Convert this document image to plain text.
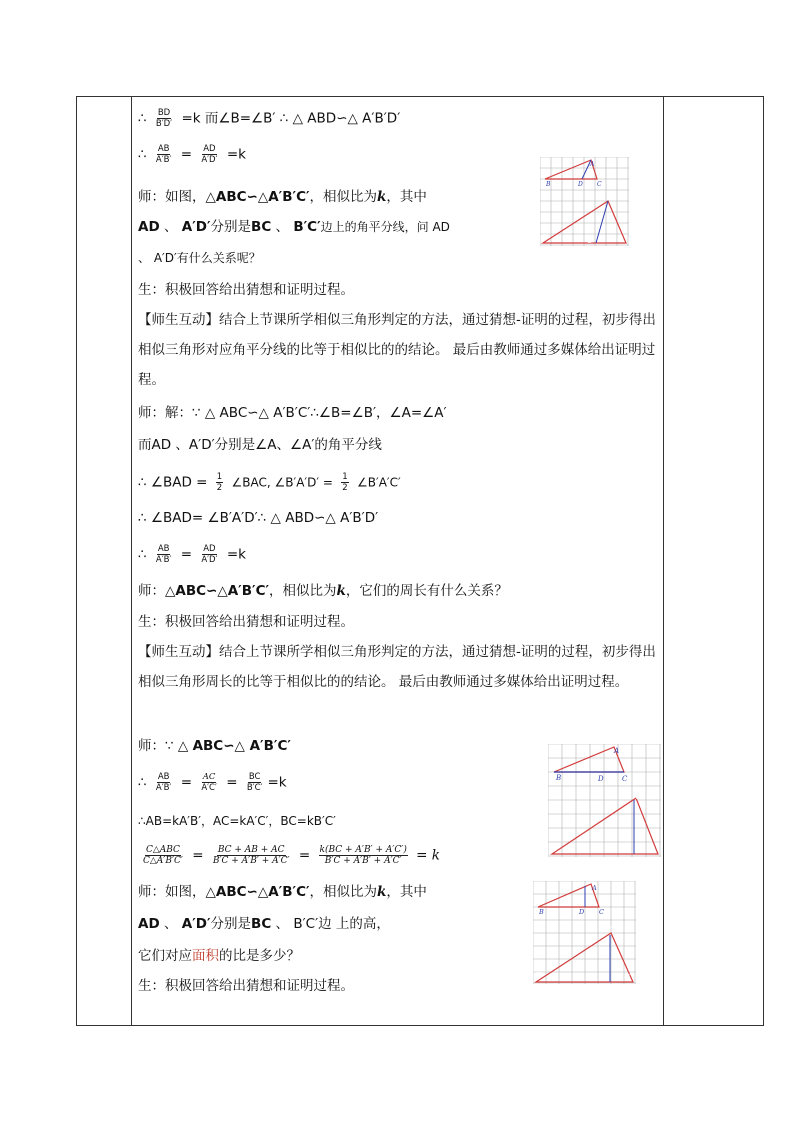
∴ $\frac{BD}{B'D'} =k$ 而∠B=∠B′ ∴ △ ABD∽△ A′B′D′
∴ $\frac{AB}{A'B'} = \frac{AD}{A'D'} =k$
师：如图，△ABC∽△A′B′C′，相似比为k，其中
AD 、 A′D′分别是BC 、 B′C′边上的角平分线，问 AD
、 A′D′有什么关系呢？
生：积极回答给出猜想和证明过程。
【师生互动】结合上节课所学相似三角形判定的方法，通过猜想-证明的过程，初步得出相似三角形对应角平分线的比等于相似比的的结论。 最后由教师通过多媒体给出证明过程。
师：解：∵ △ ABC∽△ A′B′C′∴∠B=∠B′，∠A=∠A′
而AD 、A′D′分别是∠A、∠A′的角平分线
∴ ∠BAD = $\frac{1}{2}$ ∠BAC, ∠B′A′D′ = $\frac{1}{2}$ ∠B′A′C′
∴ ∠BAD= ∠B′A′D′∴ △ ABD∽△ A′B′D′
∴ $\frac{AB}{A'B'} = \frac{AD}{A'D'} =k$
师：△ABC∽△A′B′C′，相似比为k，它们的周长有什么关系？
生：积极回答给出猜想和证明过程。
【师生互动】结合上节课所学相似三角形判定的方法，通过猜想-证明的过程，初步得出相似三角形周长的比等于相似比的的结论。 最后由教师通过多媒体给出证明过程。
师：∵ △ ABC∽△ A′B′C′
∴ $\frac{AB}{A'B'} = \frac{AC}{A'C'} = \frac{BC}{B'C'} =k$
∴AB=kA′B′，AC=kA′C′，BC=kB′C′
$\frac{\text{C△ABC}}{C\triangle A'B'C'} = \frac{BC + AB + AC}{B'C + A'B' + A'C'} = \frac{k(BC + A'B' + A'C')}{B'C + A'B' + A'C'} = k$
师：如图，△ABC∽△A′B′C′，相似比为k，其中
AD 、 A′D′分别是BC 、 B′C′边 上的高，
它们对应面积的比是多少？
生：积极回答给出猜想和证明过程。
B
A
D C
A′
B′
D′	C′
B
A
D	C
A′
B′	D′	C′
B
A
D C
A′
B′	D′	C′
